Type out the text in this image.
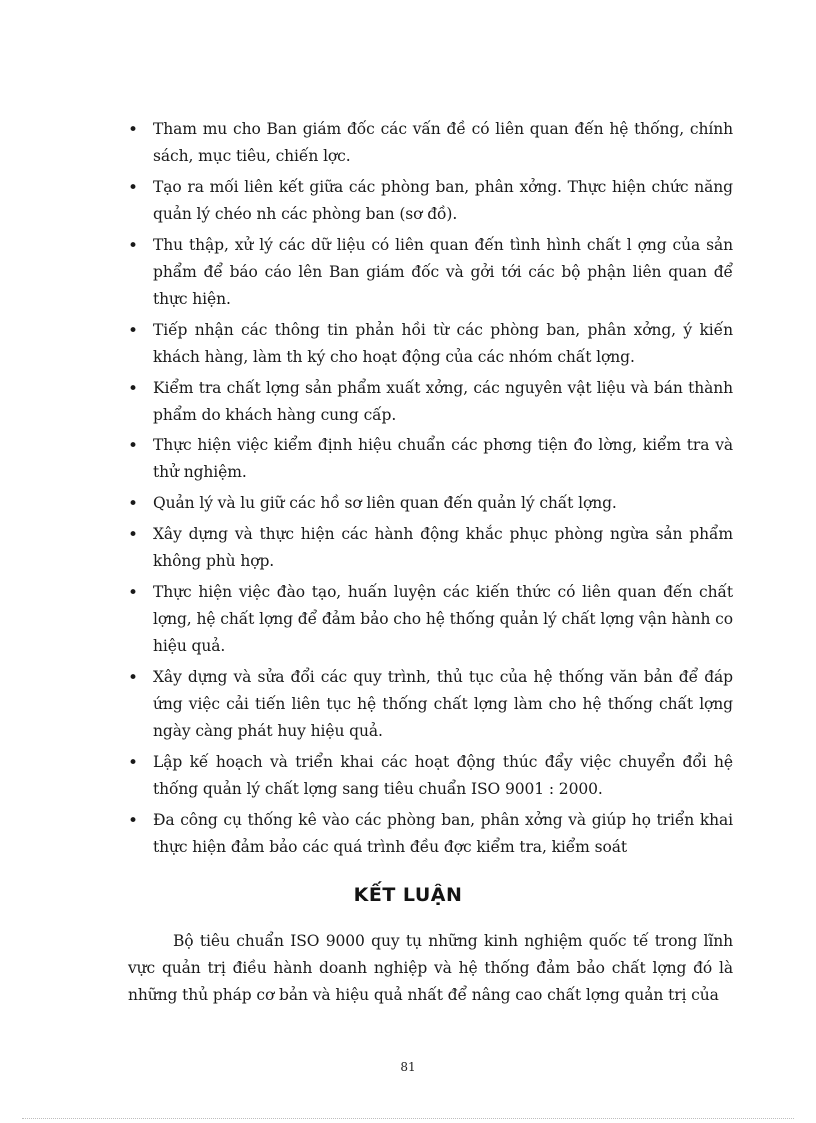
• Tham mu cho Ban giám đốc các vấn đề có liên quan đến hệ thống, chính sách, mục tiêu, chiến lợc.
• Tạo ra mối liên kết giữa các phòng ban, phân xởng. Thực hiện chức năng quản lý chéo nh các phòng ban (sơ đồ).
• Thu thập, xử lý các dữ liệu có liên quan đến tình hình chất l ợng của sản phẩm để báo cáo lên Ban giám đốc và gởi tới các bộ phận liên quan để thực hiện.
• Tiếp nhận các thông tin phản hồi từ các phòng ban, phân xởng, ý kiến khách hàng, làm th ký cho hoạt động của các nhóm chất lợng.
• Kiểm tra chất lợng sản phẩm xuất xởng, các nguyên vật liệu và bán thành phẩm do khách hàng cung cấp.
• Thực hiện việc kiểm định hiệu chuẩn các phơng tiện đo lờng, kiểm tra và thử nghiệm.
• Quản lý và lu giữ các hồ sơ liên quan đến quản lý chất lợng.
• Xây dựng và thực hiện các hành động khắc phục phòng ngừa sản phẩm không phù hợp.
• Thực hiện việc đào tạo, huấn luyện các kiến thức có liên quan đến chất lợng, hệ chất lợng để đảm bảo cho hệ thống quản lý chất lợng vận hành co hiệu quả.
• Xây dựng và sửa đổi các quy trình, thủ tục của hệ thống văn bản để đáp ứng việc cải tiến liên tục hệ thống chất lợng làm cho hệ thống chất lợng ngày càng phát huy hiệu quả.
• Lập kế hoạch và triển khai các hoạt động thúc đẩy việc chuyển đổi hệ thống quản lý chất lợng sang tiêu chuẩn ISO 9001 : 2000.
• Đa công cụ thống kê vào các phòng ban, phân xởng và giúp họ triển khai thực hiện đảm bảo các quá trình đều đợc kiểm tra, kiểm soát
KẾT LUẬN

Bộ tiêu chuẩn ISO 9000 quy tụ những kinh nghiệm quốc tế trong lĩnh vực quản trị điều hành doanh nghiệp và hệ thống đảm bảo chất lợng đó là những thủ pháp cơ bản và hiệu quả nhất để nâng cao chất lợng quản trị của

81
